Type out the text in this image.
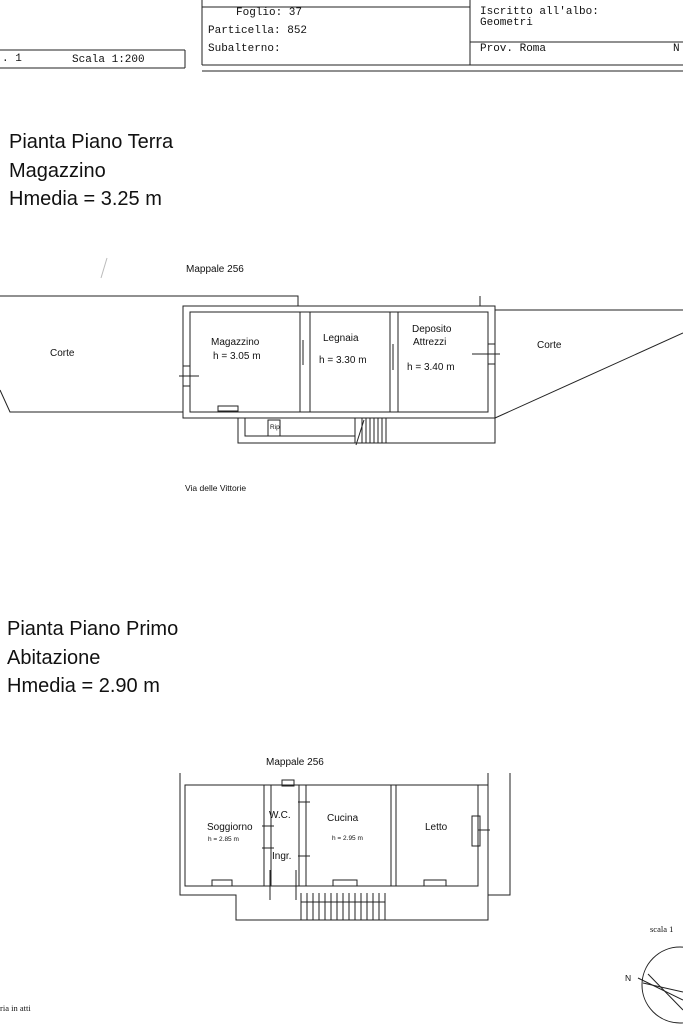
. 1	Scala 1:200
Foglio: 37
Particella: 852
Subalterno:
Iscritto all'albo:
Geometri
Prov. Roma	N
Pianta Piano Terra
Magazzino
Hmedia = 3.25 m
Mappale 256
Corte
Corte
Magazzino
h = 3.05 m
Legnaia
h = 3.30 m
Deposito
Attrezzi
h = 3.40 m
Rip
Via delle Vittorie
Pianta Piano Primo
Abitazione
Hmedia = 2.90 m
Mappale 256
Soggiorno
h = 2.85 m
W.C.
Ingr.
Cucina
h = 2.95 m
Letto
scala 1
N
ria in atti
